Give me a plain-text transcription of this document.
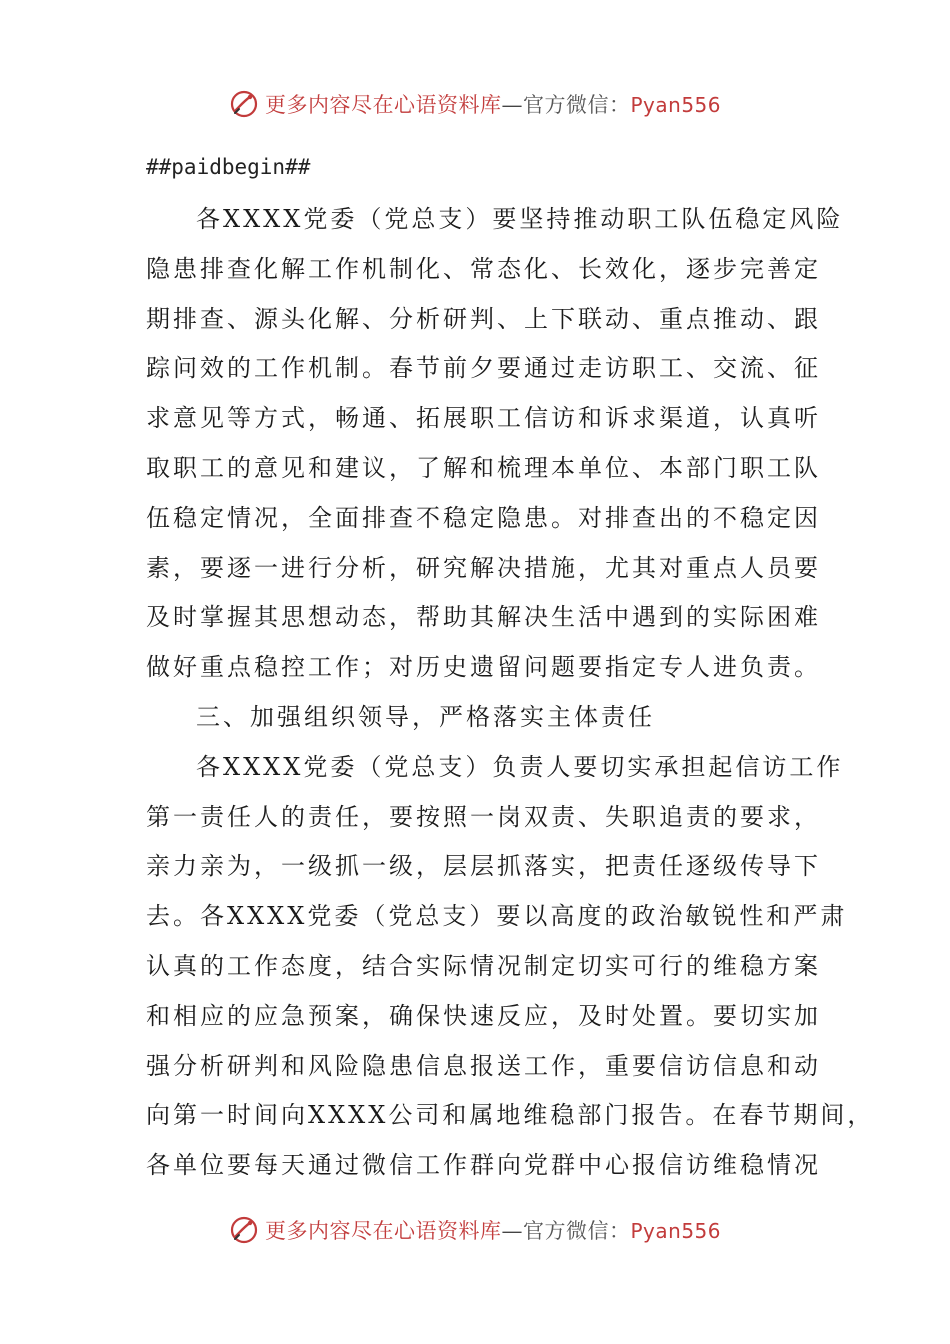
更多内容尽在心语资料库—官方微信：Pyan556
##paidbegin##
各XXXX党委（党总支）要坚持推动职工队伍稳定风险
隐患排查化解工作机制化、常态化、长效化，逐步完善定
期排查、源头化解、分析研判、上下联动、重点推动、跟
踪问效的工作机制。春节前夕要通过走访职工、交流、征
求意见等方式，畅通、拓展职工信访和诉求渠道，认真听
取职工的意见和建议，了解和梳理本单位、本部门职工队
伍稳定情况，全面排查不稳定隐患。对排查出的不稳定因
素，要逐一进行分析，研究解决措施，尤其对重点人员要
及时掌握其思想动态，帮助其解决生活中遇到的实际困难
做好重点稳控工作；对历史遗留问题要指定专人进负责。
三、加强组织领导，严格落实主体责任
各XXXX党委（党总支）负责人要切实承担起信访工作
第一责任人的责任，要按照一岗双责、失职追责的要求，
亲力亲为，一级抓一级，层层抓落实，把责任逐级传导下
去。各XXXX党委（党总支）要以高度的政治敏锐性和严肃
认真的工作态度，结合实际情况制定切实可行的维稳方案
和相应的应急预案，确保快速反应，及时处置。要切实加
强分析研判和风险隐患信息报送工作，重要信访信息和动
向第一时间向XXXX公司和属地维稳部门报告。在春节期间，
各单位要每天通过微信工作群向党群中心报信访维稳情况
更多内容尽在心语资料库—官方微信：Pyan556
